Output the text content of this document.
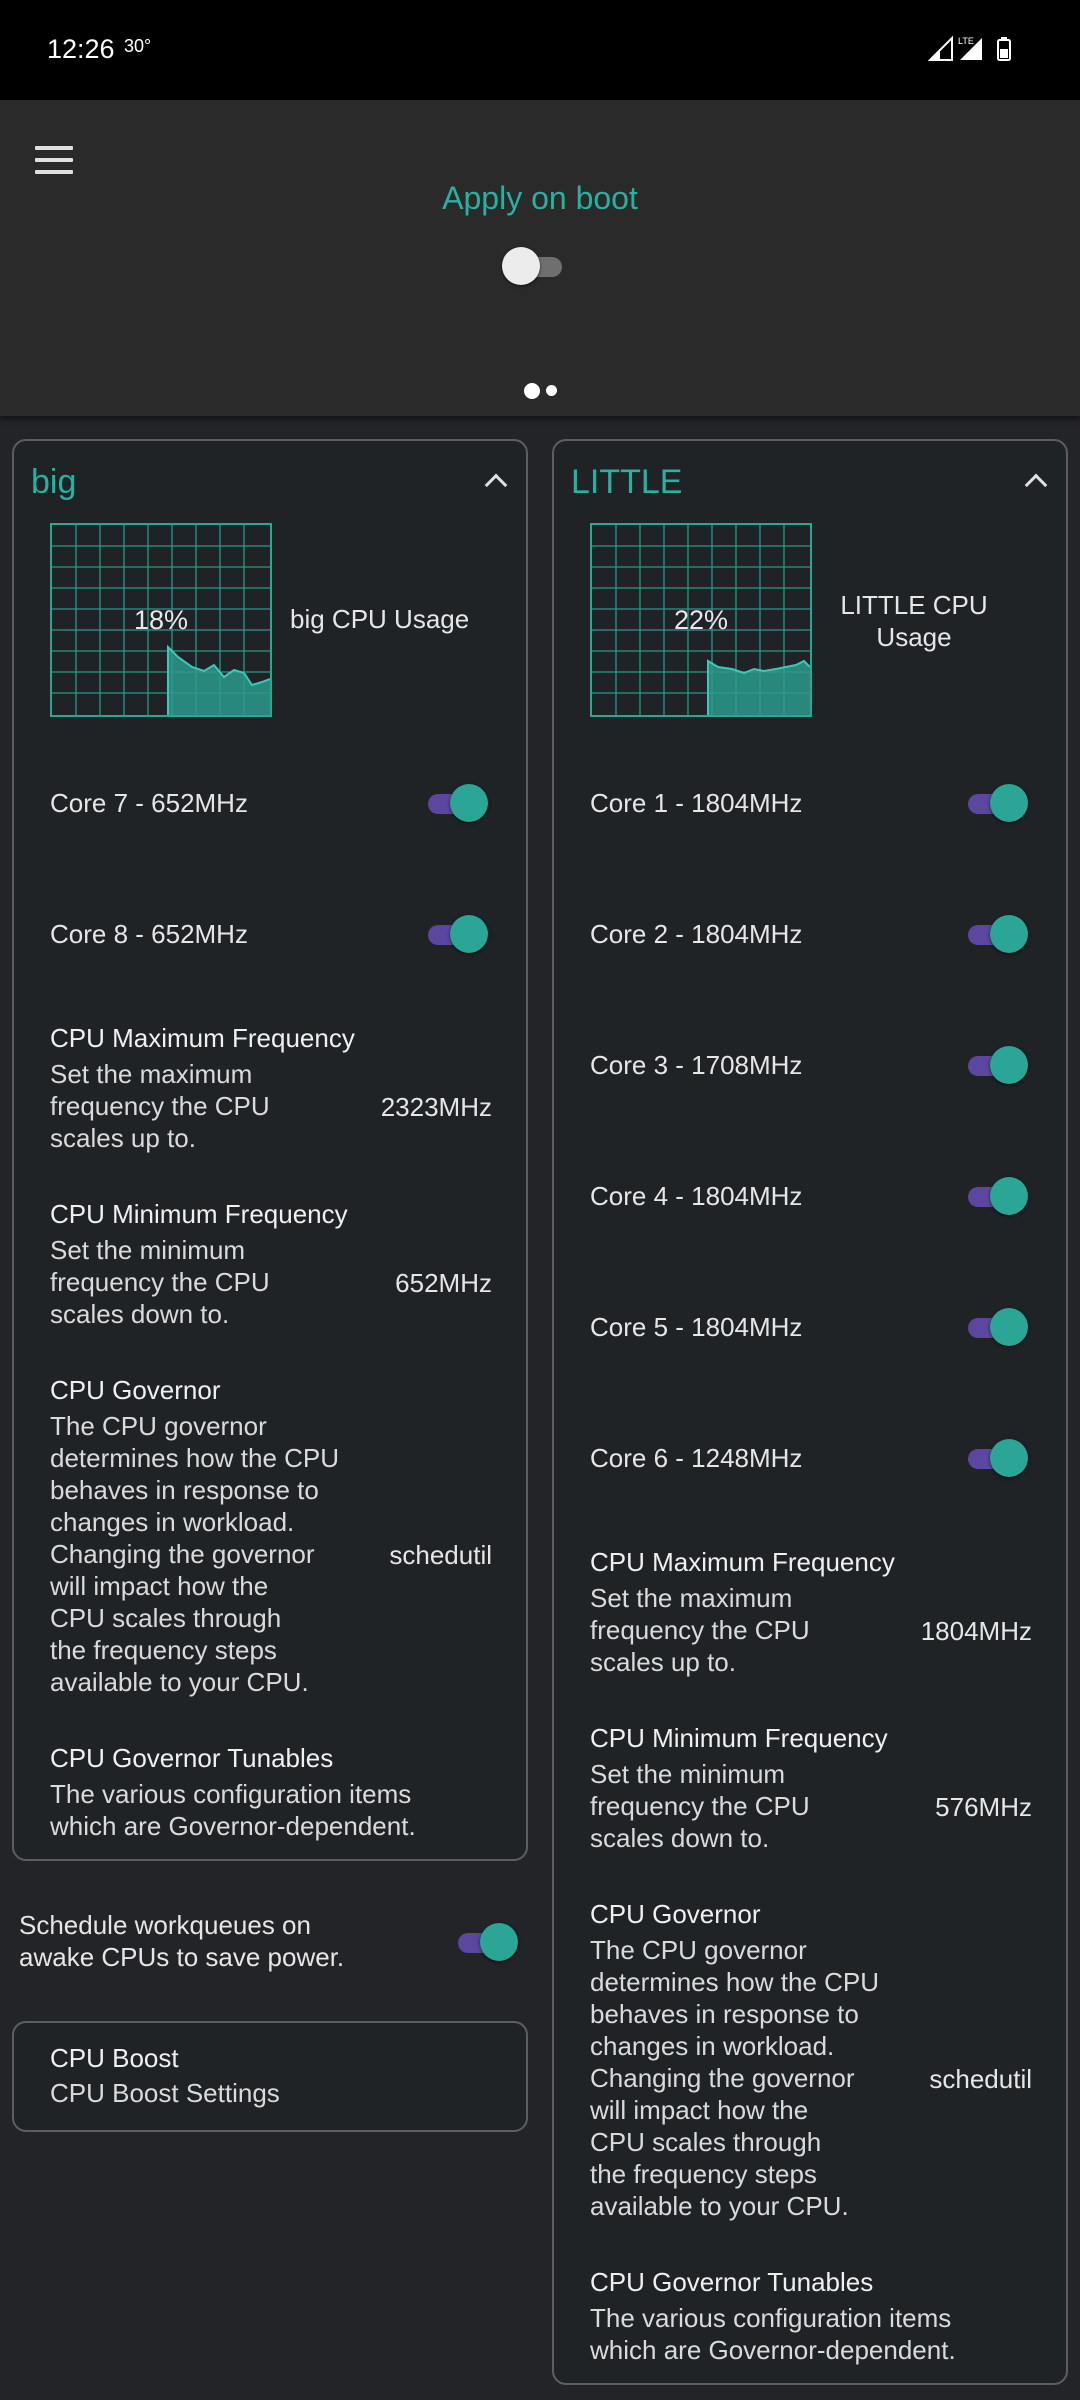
12:26 30°	LTE
Apply on boot
big
18%	big CPU Usage
Core 7 - 652MHz
Core 8 - 652MHz
CPU Maximum Frequency
Set the maximum
frequency the CPU
scales up to.
2323MHz
CPU Minimum Frequency
Set the minimum
frequency the CPU
scales down to.
652MHz
CPU Governor
The CPU governor
determines how the CPU
behaves in response to
changes in workload.
Changing the governor
will impact how the
CPU scales through
the frequency steps
available to your CPU.
schedutil
CPU Governor Tunables
The various configuration items
which are Governor-dependent.
Schedule workqueues on
awake CPUs to save power.
CPU Boost
CPU Boost Settings
LITTLE
22%	LITTLE CPU
Usage
Core 1 - 1804MHz
Core 2 - 1804MHz
Core 3 - 1708MHz
Core 4 - 1804MHz
Core 5 - 1804MHz
Core 6 - 1248MHz
CPU Maximum Frequency
Set the maximum
frequency the CPU
scales up to.
1804MHz
CPU Minimum Frequency
Set the minimum
frequency the CPU
scales down to.
576MHz
CPU Governor
The CPU governor
determines how the CPU
behaves in response to
changes in workload.
Changing the governor
will impact how the
CPU scales through
the frequency steps
available to your CPU.
schedutil
CPU Governor Tunables
The various configuration items
which are Governor-dependent.
